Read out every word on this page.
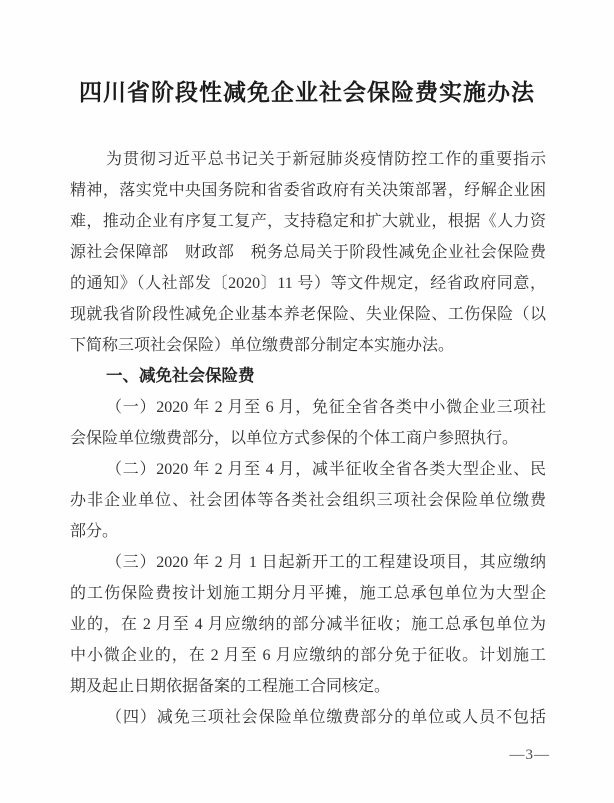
四川省阶段性减免企业社会保险费实施办法
为贯彻习近平总书记关于新冠肺炎疫情防控工作的重要指示
精神，落实党中央国务院和省委省政府有关决策部署，纾解企业困
难，推动企业有序复工复产，支持稳定和扩大就业，根据《人力资
源社会保障部　财政部　税务总局关于阶段性减免企业社会保险费
的通知》（人社部发〔2020〕11 号）等文件规定，经省政府同意，
现就我省阶段性减免企业基本养老保险、失业保险、工伤保险（以
下简称三项社会保险）单位缴费部分制定本实施办法。
一、减免社会保险费
（一）2020 年 2 月至 6 月，免征全省各类中小微企业三项社
会保险单位缴费部分，以单位方式参保的个体工商户参照执行。
（二）2020 年 2 月至 4 月，减半征收全省各类大型企业、民
办非企业单位、社会团体等各类社会组织三项社会保险单位缴费
部分。
（三）2020 年 2 月 1 日起新开工的工程建设项目，其应缴纳
的工伤保险费按计划施工期分月平摊，施工总承包单位为大型企
业的，在 2 月至 4 月应缴纳的部分减半征收；施工总承包单位为
中小微企业的，在 2 月至 6 月应缴纳的部分免于征收。计划施工
期及起止日期依据备案的工程施工合同核定。
（四）减免三项社会保险单位缴费部分的单位或人员不包括
—3—
